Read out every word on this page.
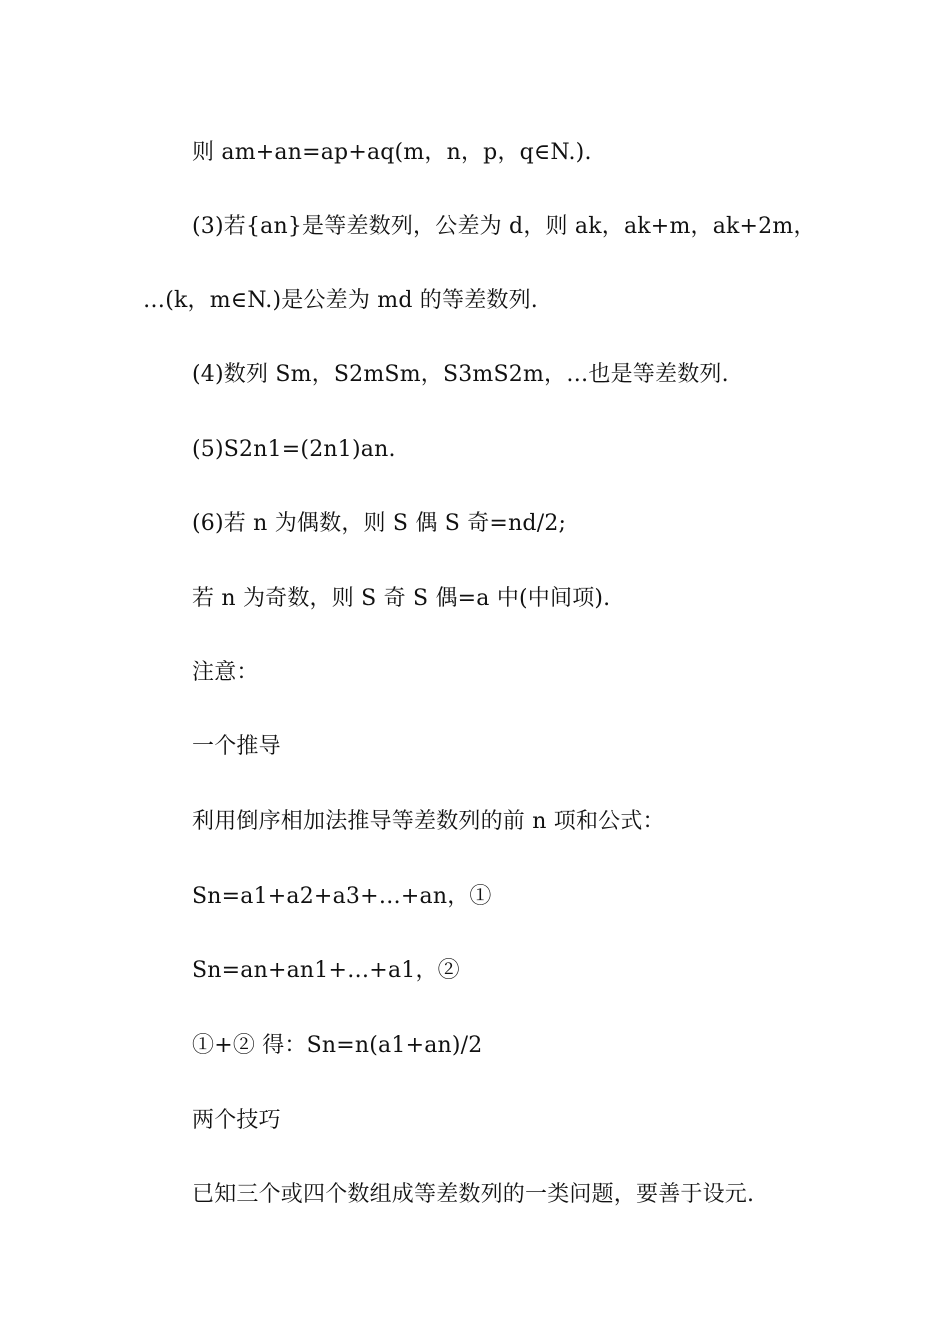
则 am+an=ap+aq(m，n，p，q∈N.).
(3)若{an}是等差数列，公差为 d，则 ak，ak+m，ak+2m，
…(k，m∈N.)是公差为 md 的等差数列.
(4)数列 Sm，S2mSm，S3mS2m，…也是等差数列.
(5)S2n1=(2n1)an.
(6)若 n 为偶数，则 S 偶 S 奇=nd/2;
若 n 为奇数，则 S 奇 S 偶=a 中(中间项).
注意：
一个推导
利用倒序相加法推导等差数列的前 n 项和公式：
Sn=a1+a2+a3+…+an，①
Sn=an+an1+…+a1，②
①+② 得：Sn=n(a1+an)/2
两个技巧
已知三个或四个数组成等差数列的一类问题，要善于设元.
